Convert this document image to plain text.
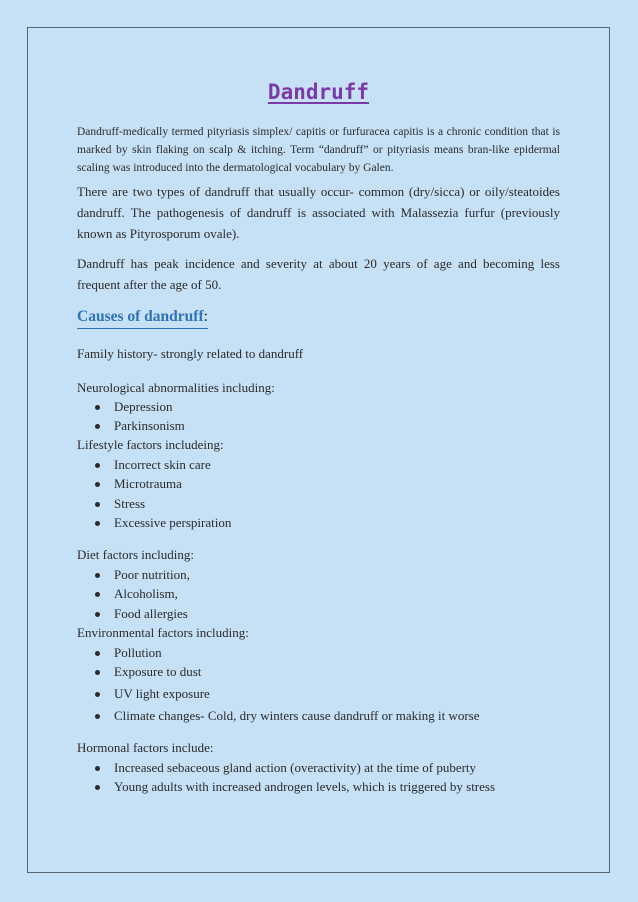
Dandruff

Dandruff-medically termed pityriasis simplex/ capitis or furfuracea capitis is a chronic condition that is marked by skin flaking on scalp & itching. Term “dandruff” or pityriasis means bran-like epidermal scaling was introduced into the dermatological vocabulary by Galen.

There are two types of dandruff that usually occur- common (dry/sicca) or oily/steatoides dandruff. The pathogenesis of dandruff is associated with Malassezia furfur (previously known as Pityrosporum ovale).

Dandruff has peak incidence and severity at about 20 years of age and becoming less frequent after the age of 50.

Causes of dandruff:

Family history- strongly related to dandruff

Neurological abnormalities including:

Depression

Parkinsonism

Lifestyle factors includeing:

Incorrect skin care

Microtrauma

Stress

Excessive perspiration

Diet factors including:

Poor nutrition,

Alcoholism,

Food allergies

Environmental factors including:

Pollution

Exposure to dust

UV light exposure

Climate changes- Cold, dry winters cause dandruff or making it worse

Hormonal factors include:

Increased sebaceous gland action (overactivity) at the time of puberty

Young adults with increased androgen levels, which is triggered by stress
